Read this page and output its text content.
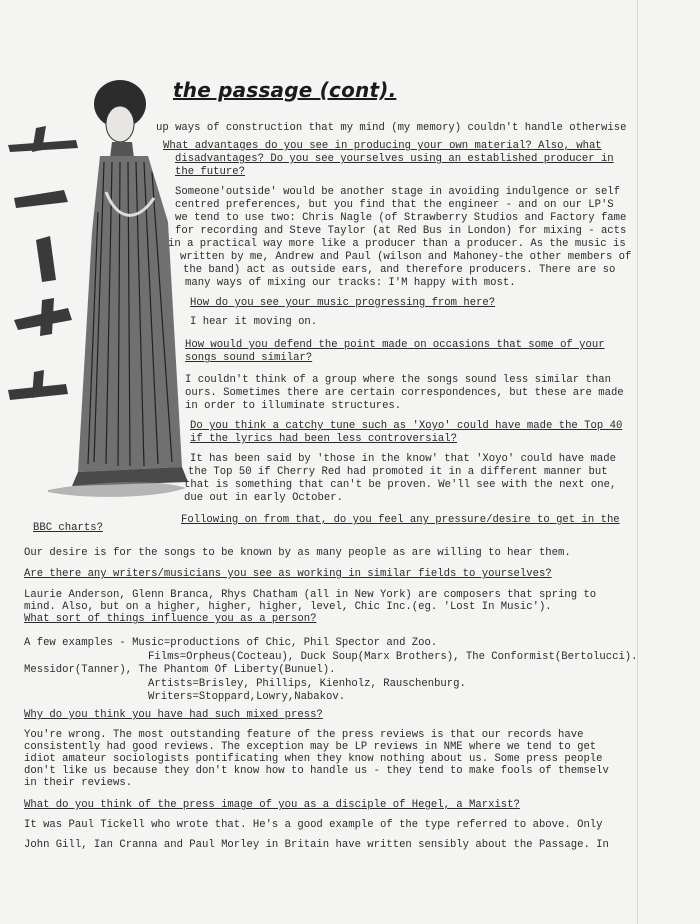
the passage (cont).
up ways of construction that my mind (my memory) couldn't handle otherwise
What advantages do you see in producing your own material? Also, what
disadvantages? Do you see yourselves using an established producer in
the future?
Someone'outside' would be another stage in avoiding indulgence or self
centred preferences, but you find that the engineer - and on our LP'S
we tend to use two: Chris Nagle (of Strawberry Studios and Factory fame
for recording and Steve Taylor (at Red Bus in London) for mixing - acts
in a practical way more like a producer than a producer. As the music is
written by me, Andrew and Paul (wilson and Mahoney-the other members of
the band) act as outside ears, and therefore producers. There are so
many ways of mixing our tracks: I'M happy with most.
How do you see your music progressing from here?
I hear it moving on.
How would you defend the point made on occasions that some of your
songs sound similar?
I couldn't think of a group where the songs sound less similar than
ours. Sometimes there are certain correspondences, but these are made
in order to illuminate structures.
Do you think a catchy tune such as 'Xoyo' could have made the Top 40
if the lyrics had been less controversial?
It has been said by 'those in the know' that 'Xoyo' could have made
the Top 50 if Cherry Red had promoted it in a different manner but
that is something that can't be proven. We'll see with the next one,
due out in early October.
Following on from that, do you feel any pressure/desire to get in the
BBC charts?
Our desire is for the songs to be known by as many people as are willing to hear them.
Are there any writers/musicians you see as working in similar fields to yourselves?
Laurie Anderson, Glenn Branca, Rhys Chatham (all in New York) are composers that spring to
mind. Also, but on a higher, higher, higher, level, Chic Inc.(eg. 'Lost In Music').
What sort of things influence you as a person?
A few examples - Music=productions of Chic, Phil Spector and Zoo.
Films=Orpheus(Cocteau), Duck Soup(Marx Brothers), The Conformist(Bertolucci).
Messidor(Tanner), The Phantom Of Liberty(Bunuel).
Artists=Brisley, Phillips, Kienholz, Rauschenburg.
Writers=Stoppard,Lowry,Nabakov.
Why do you think you have had such mixed press?
You're wrong. The most outstanding feature of the press reviews is that our records have
consistently had good reviews. The exception may be LP reviews in NME where we tend to get
idiot amateur sociologists pontificating when they know nothing about us. Some press people
don't like us because they don't know how to handle us - they tend to make fools of themselv
in their reviews.
What do you think of the press image of you as a disciple of Hegel, a Marxist?
It was Paul Tickell who wrote that. He's a good example of the type referred to above. Only
John Gill, Ian Cranna and Paul Morley in Britain have written sensibly about the Passage. In
